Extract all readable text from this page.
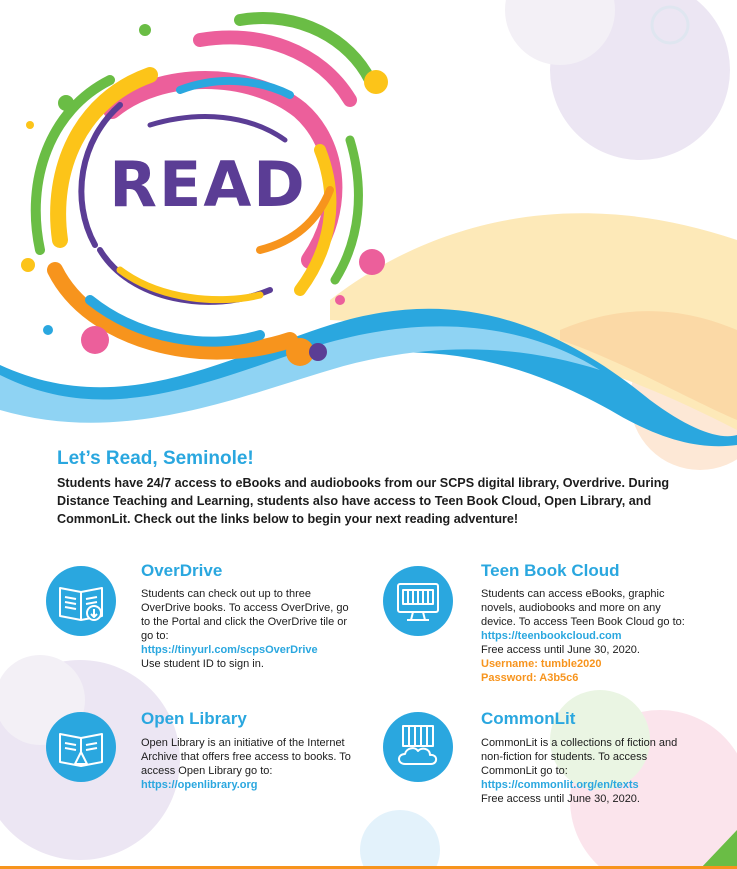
READ
Let’s Read, Seminole!

Students have 24/7 access to eBooks and audiobooks from our SCPS digital library, Overdrive. During Distance Teaching and Learning, students also have access to Teen Book Cloud, Open Library, and CommonLit. Check out the links below to begin your next reading adventure!

OverDrive

Students can check out up to three OverDrive books. To access OverDrive, go to the Portal and click the OverDrive tile or go to:

https://tinyurl.com/scpsOverDrive

Use student ID to sign in.

Teen Book Cloud

Students can access eBooks, graphic novels, audiobooks and more on any device. To access Teen Book Cloud go to:

https://teenbookcloud.com

Free access until June 30, 2020.

Username: tumble2020

Password: A3b5c6

Open Library

Open Library is an initiative of the Internet Archive that offers free access to books. To access Open Library go to:

https://openlibrary.org

CommonLit

CommonLit is a collections of fiction and non-fiction for students. To access CommonLit go to:

https://commonlit.org/en/texts

Free access until June 30, 2020.
